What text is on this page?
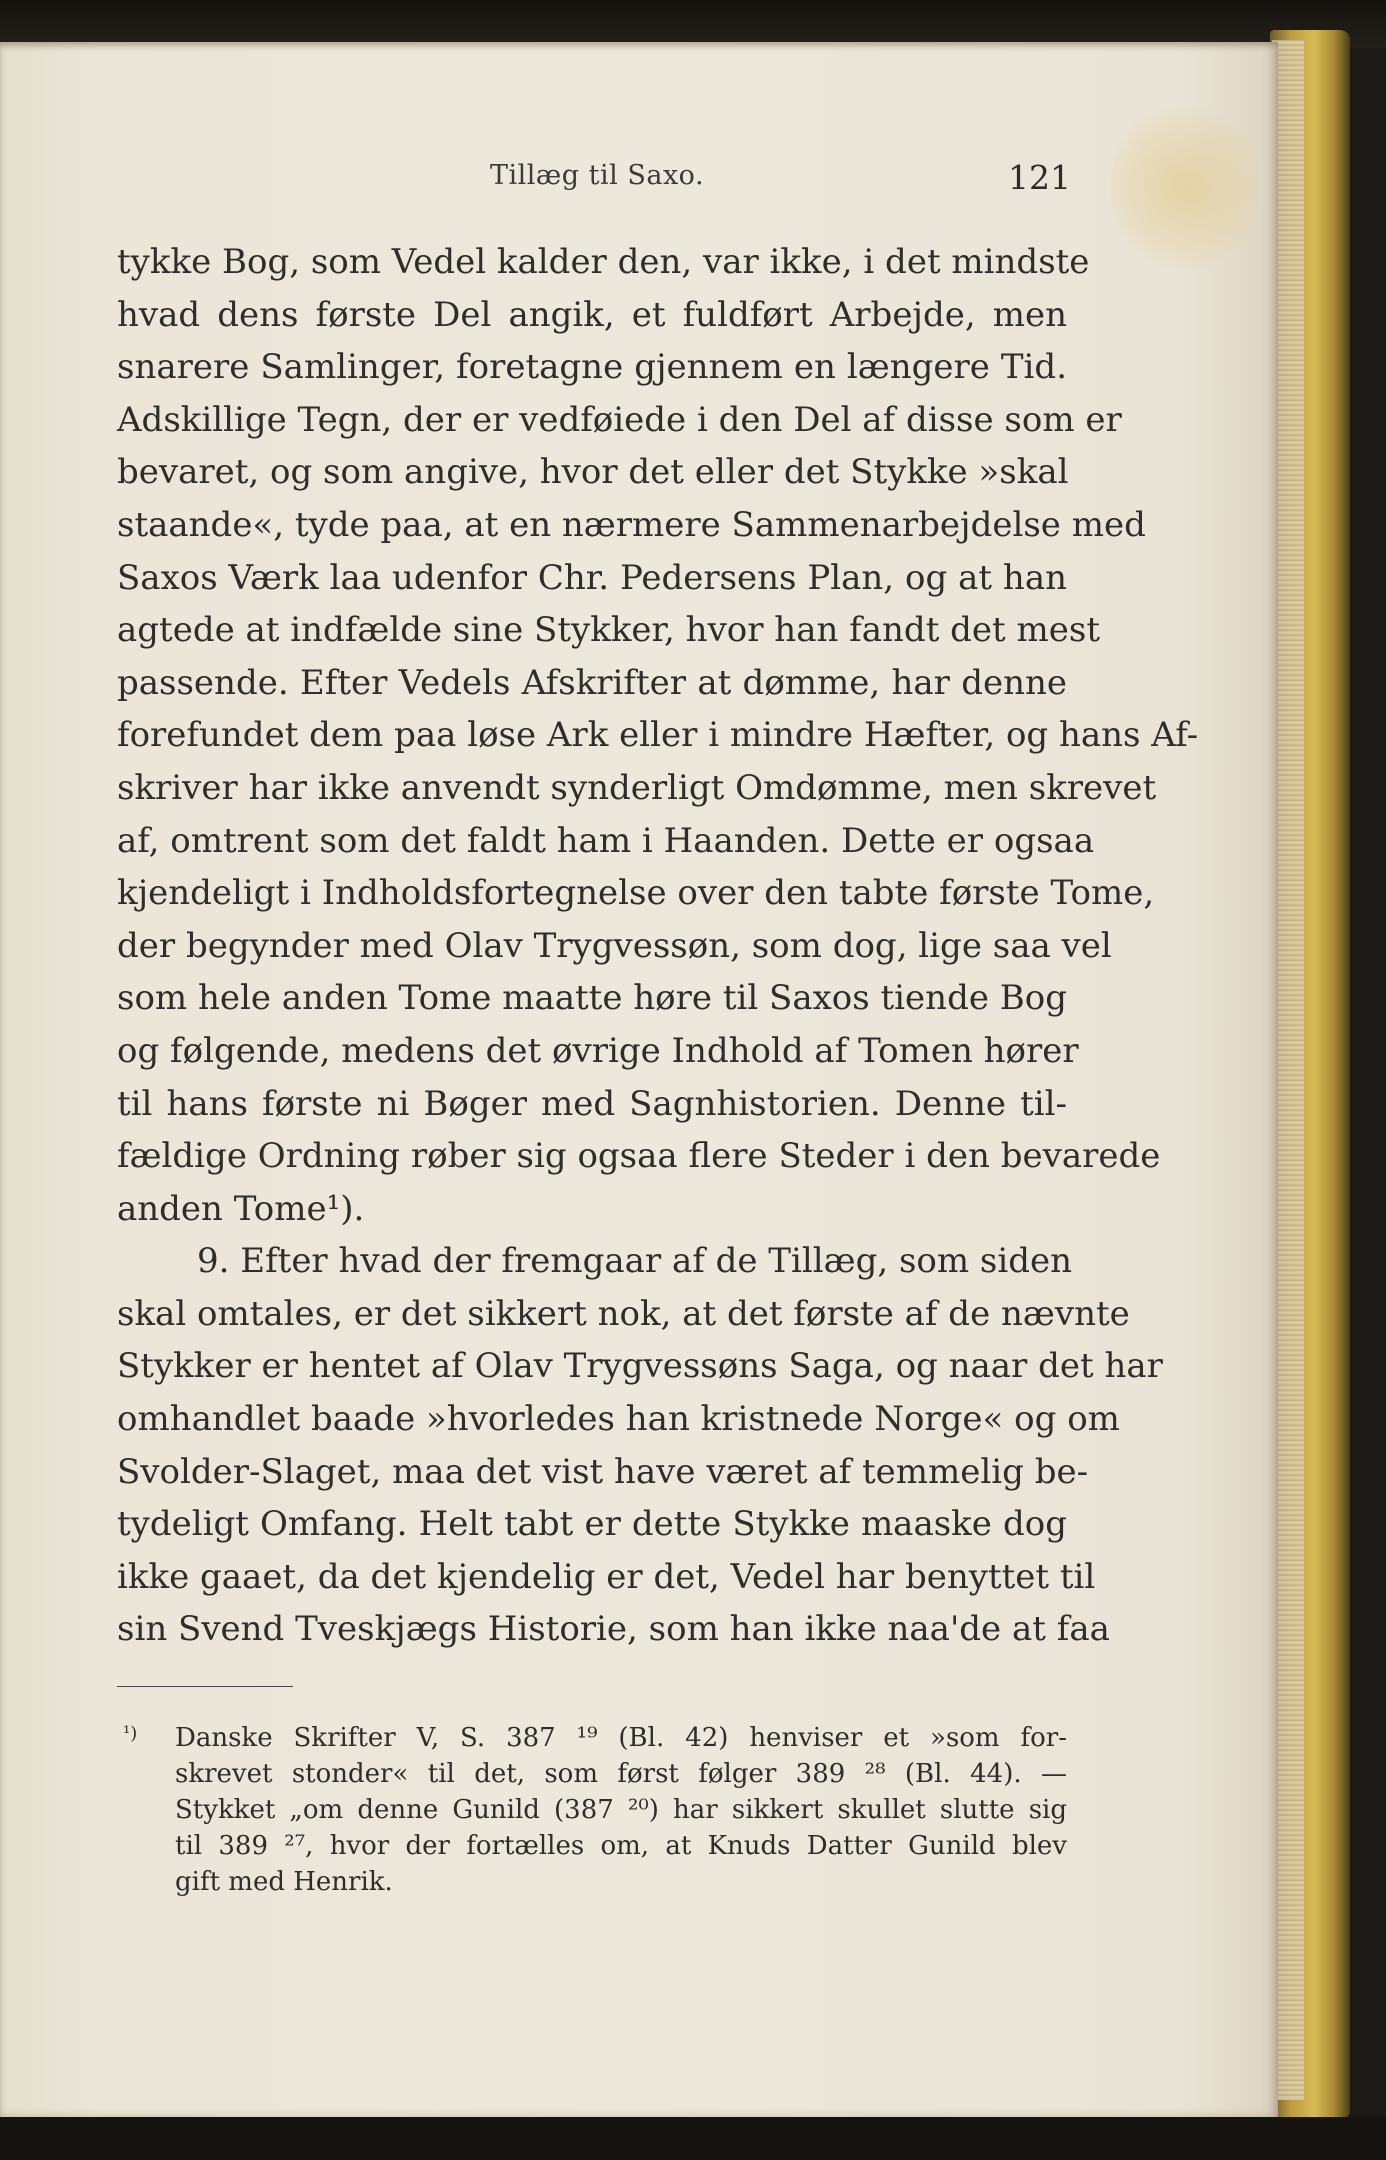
Tillæg til Saxo.	121
tykke Bog, som Vedel kalder den, var ikke, i det mindste
hvad dens første Del angik, et fuldført Arbejde, men
snarere Samlinger, foretagne gjennem en længere Tid.
Adskillige Tegn, der er vedføiede i den Del af disse som er
bevaret, og som angive, hvor det eller det Stykke »skal
staande«, tyde paa, at en nærmere Sammenarbejdelse med
Saxos Værk laa udenfor Chr. Pedersens Plan, og at han
agtede at indfælde sine Stykker, hvor han fandt det mest
passende. Efter Vedels Afskrifter at dømme, har denne
forefundet dem paa løse Ark eller i mindre Hæfter, og hans Af-
skriver har ikke anvendt synderligt Omdømme, men skrevet
af, omtrent som det faldt ham i Haanden. Dette er ogsaa
kjendeligt i Indholdsfortegnelse over den tabte første Tome,
der begynder med Olav Trygvessøn, som dog, lige saa vel
som hele anden Tome maatte høre til Saxos tiende Bog
og følgende, medens det øvrige Indhold af Tomen hører
til hans første ni Bøger med Sagnhistorien. Denne til-
fældige Ordning røber sig ogsaa flere Steder i den bevarede
anden Tome¹).
9. Efter hvad der fremgaar af de Tillæg, som siden
skal omtales, er det sikkert nok, at det første af de nævnte
Stykker er hentet af Olav Trygvessøns Saga, og naar det har
omhandlet baade »hvorledes han kristnede Norge« og om
Svolder-Slaget, maa det vist have været af temmelig be-
tydeligt Omfang. Helt tabt er dette Stykke maaske dog
ikke gaaet, da det kjendelig er det, Vedel har benyttet til
sin Svend Tveskjægs Historie, som han ikke naa'de at faa
¹)	Danske Skrifter V, S. 387 ¹⁹ (Bl. 42) henviser et »som for-
skrevet stonder« til det, som først følger 389 ²⁸ (Bl. 44). —
Stykket „om denne Gunild (387 ²⁰) har sikkert skullet slutte sig
til 389 ²⁷, hvor der fortælles om, at Knuds Datter Gunild blev
gift med Henrik.
